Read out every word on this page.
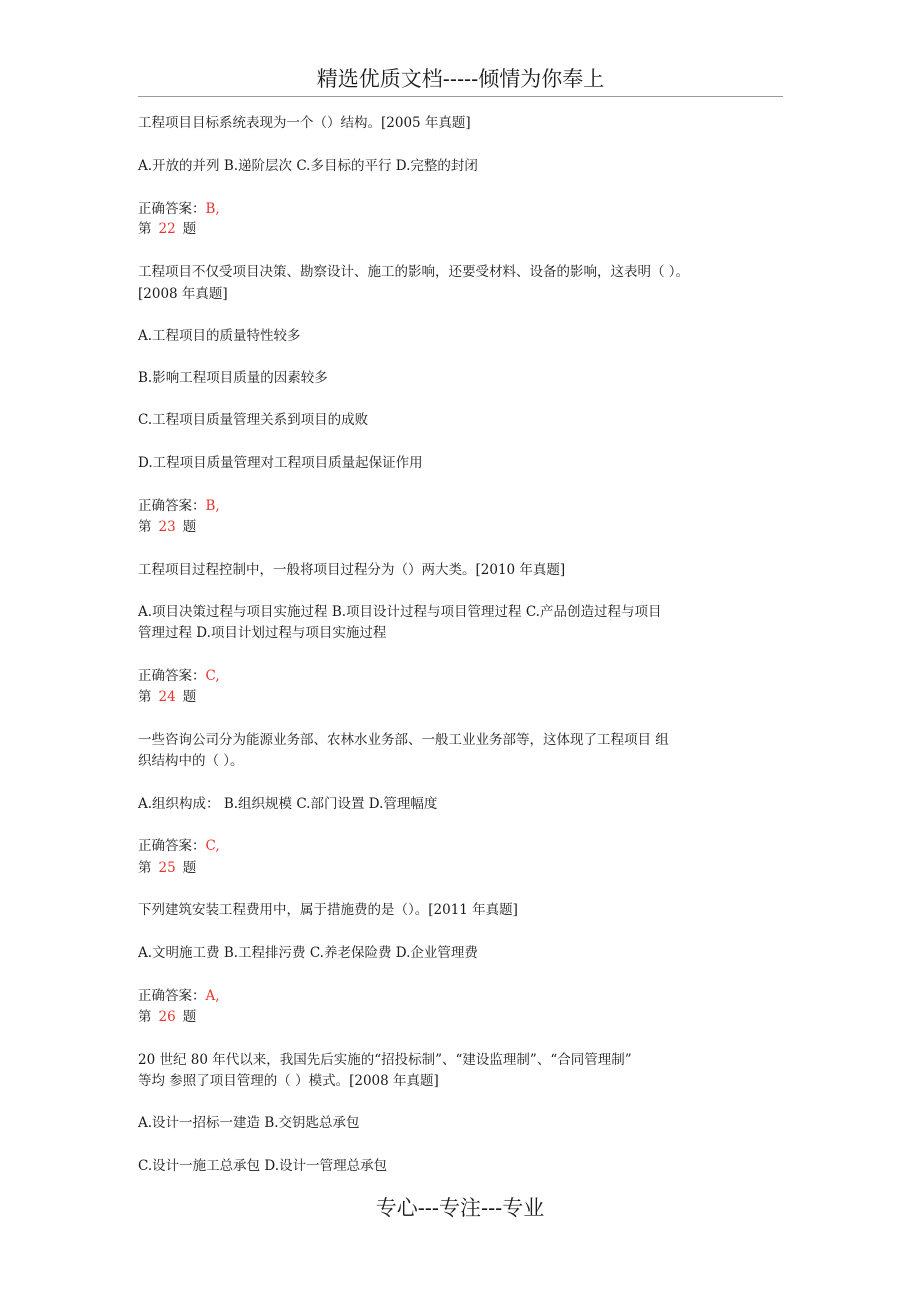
精选优质文档-----倾情为你奉上
工程项目目标系统表现为一个（）结构。[2005 年真题]
A.开放的并列 B.递阶层次 C.多目标的平行 D.完整的封闭
正确答案：B,
第 22 题
工程项目不仅受项目决策、勘察设计、施工的影响，还要受材料、设备的影响，这表明（ ）。
[2008 年真题]
A.工程项目的质量特性较多
B.影响工程项目质量的因素较多
C.工程项目质量管理关系到项目的成败
D.工程项目质量管理对工程项目质量起保证作用
正确答案：B,
第 23 题
工程项目过程控制中，一般将项目过程分为（）两大类。[2010 年真题]
A.项目决策过程与项目实施过程 B.项目设计过程与项目管理过程 C.产品创造过程与项目
管理过程 D.项目计划过程与项目实施过程
正确答案：C,
第 24 题
一些咨询公司分为能源业务部、农林水业务部、一般工业业务部等，这体现了工程项目 组
织结构中的（ ）。
A.组织构成： B.组织规模 C.部门设置 D.管理幅度
正确答案：C,
第 25 题
下列建筑安装工程费用中，属于措施费的是（）。[2011 年真题]
A.文明施工费 B.工程排污费 C.养老保险费 D.企业管理费
正确答案：A,
第 26 题
20 世纪 80 年代以来，我国先后实施的“招投标制”、“建设监理制”、“合同管理制”
等均 参照了项目管理的（ ）模式。[2008 年真题]
A.设计一招标一建造 B.交钥匙总承包
C.设计一施工总承包 D.设计一管理总承包
专心---专注---专业
